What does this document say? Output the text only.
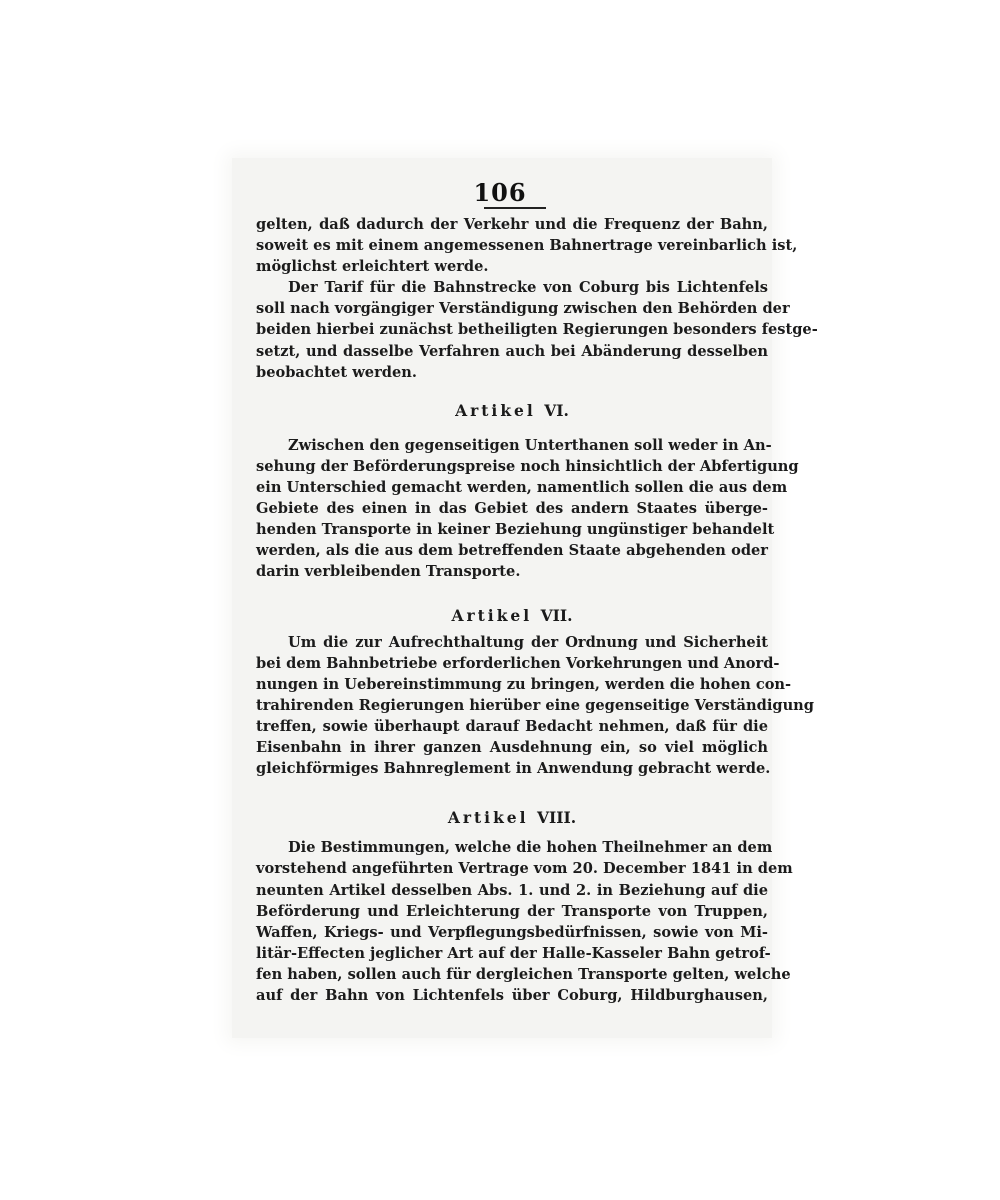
106
gelten, daß dadurch der Verkehr und die Frequenz der Bahn,
soweit es mit einem angemessenen Bahnertrage vereinbarlich ist,
möglichst erleichtert werde.
Der Tarif für die Bahnstrecke von Coburg bis Lichtenfels
soll nach vorgängiger Verständigung zwischen den Behörden der
beiden hierbei zunächst betheiligten Regierungen besonders festge-
setzt, und dasselbe Verfahren auch bei Abänderung desselben
beobachtet werden.
Artikel VI.
Zwischen den gegenseitigen Unterthanen soll weder in An-
sehung der Beförderungspreise noch hinsichtlich der Abfertigung
ein Unterschied gemacht werden, namentlich sollen die aus dem
Gebiete des einen in das Gebiet des andern Staates überge-
henden Transporte in keiner Beziehung ungünstiger behandelt
werden, als die aus dem betreffenden Staate abgehenden oder
darin verbleibenden Transporte.
Artikel VII.
Um die zur Aufrechthaltung der Ordnung und Sicherheit
bei dem Bahnbetriebe erforderlichen Vorkehrungen und Anord-
nungen in Uebereinstimmung zu bringen, werden die hohen con-
trahirenden Regierungen hierüber eine gegenseitige Verständigung
treffen, sowie überhaupt darauf Bedacht nehmen, daß für die
Eisenbahn in ihrer ganzen Ausdehnung ein, so viel möglich
gleichförmiges Bahnreglement in Anwendung gebracht werde.
Artikel VIII.
Die Bestimmungen, welche die hohen Theilnehmer an dem
vorstehend angeführten Vertrage vom 20. December 1841 in dem
neunten Artikel desselben Abs. 1. und 2. in Beziehung auf die
Beförderung und Erleichterung der Transporte von Truppen,
Waffen, Kriegs- und Verpflegungsbedürfnissen, sowie von Mi-
litär-Effecten jeglicher Art auf der Halle-Kasseler Bahn getrof-
fen haben, sollen auch für dergleichen Transporte gelten, welche
auf der Bahn von Lichtenfels über Coburg, Hildburghausen,
